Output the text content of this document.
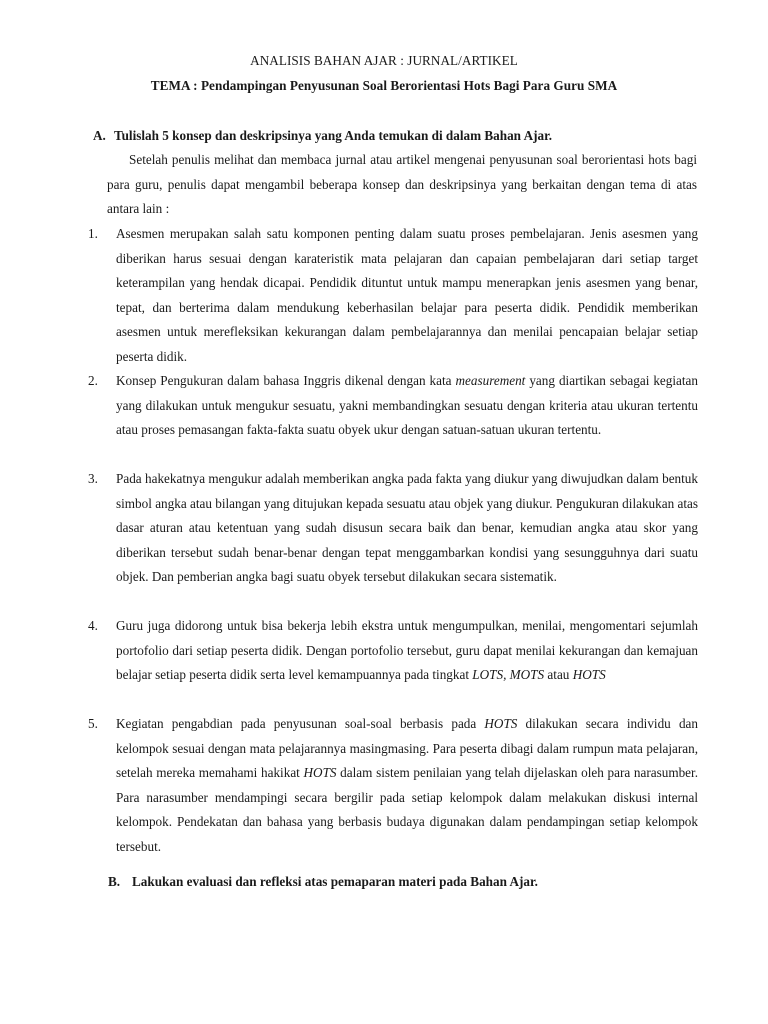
ANALISIS BAHAN AJAR : JURNAL/ARTIKEL
TEMA : Pendampingan Penyusunan Soal Berorientasi Hots Bagi Para Guru SMA
A. Tulislah 5 konsep dan deskripsinya yang Anda temukan di dalam Bahan Ajar.
Setelah penulis melihat dan membaca jurnal atau artikel mengenai penyusunan soal berorientasi hots bagi para guru, penulis dapat mengambil beberapa konsep dan deskripsinya yang berkaitan dengan tema di atas antara lain :
1.	Asesmen merupakan salah satu komponen penting dalam suatu proses pembelajaran. Jenis asesmen yang diberikan harus sesuai dengan karateristik mata pelajaran dan capaian pembelajaran dari setiap target keterampilan yang hendak dicapai. Pendidik dituntut untuk mampu menerapkan jenis asesmen yang benar, tepat, dan berterima dalam mendukung keberhasilan belajar para peserta didik. Pendidik memberikan asesmen untuk merefleksikan kekurangan dalam pembelajarannya dan menilai pencapaian belajar setiap peserta didik.
2.	Konsep Pengukuran dalam bahasa Inggris dikenal dengan kata measurement yang diartikan sebagai kegiatan yang dilakukan untuk mengukur sesuatu, yakni membandingkan sesuatu dengan kriteria atau ukuran tertentu atau proses pemasangan fakta-fakta suatu obyek ukur dengan satuan-satuan ukuran tertentu.
3.	Pada hakekatnya mengukur adalah memberikan angka pada fakta yang diukur yang diwujudkan dalam bentuk simbol angka atau bilangan yang ditujukan kepada sesuatu atau objek yang diukur. Pengukuran dilakukan atas dasar aturan atau ketentuan yang sudah disusun secara baik dan benar, kemudian angka atau skor yang diberikan tersebut sudah benar-benar dengan tepat menggambarkan kondisi yang sesungguhnya dari suatu objek. Dan pemberian angka bagi suatu obyek tersebut dilakukan secara sistematik.
4.	Guru juga didorong untuk bisa bekerja lebih ekstra untuk mengumpulkan, menilai, mengomentari sejumlah portofolio dari setiap peserta didik. Dengan portofolio tersebut, guru dapat menilai kekurangan dan kemajuan belajar setiap peserta didik serta level kemampuannya pada tingkat LOTS, MOTS atau HOTS
5.	Kegiatan pengabdian pada penyusunan soal-soal berbasis pada HOTS dilakukan secara individu dan kelompok sesuai dengan mata pelajarannya masingmasing. Para peserta dibagi dalam rumpun mata pelajaran, setelah mereka memahami hakikat HOTS dalam sistem penilaian yang telah dijelaskan oleh para narasumber. Para narasumber mendampingi secara bergilir pada setiap kelompok dalam melakukan diskusi internal kelompok. Pendekatan dan bahasa yang berbasis budaya digunakan dalam pendampingan setiap kelompok tersebut.
B. Lakukan evaluasi dan refleksi atas pemaparan materi pada Bahan Ajar.
